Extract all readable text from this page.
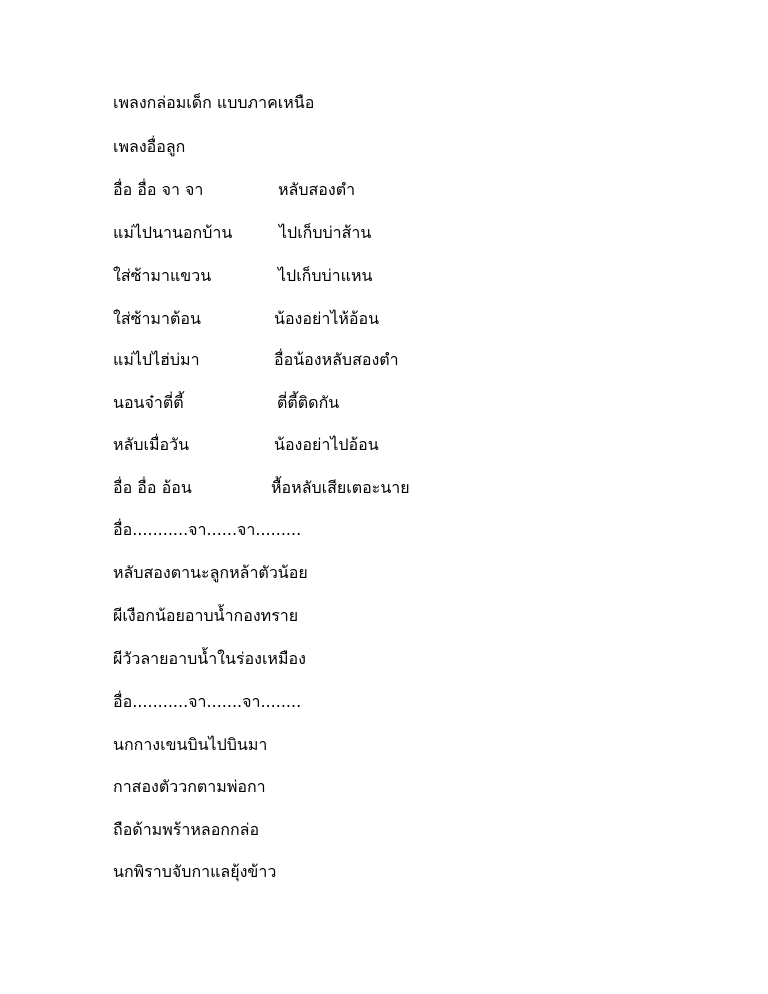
เพลงกล่อมเด็ก แบบภาคเหนือ
เพลงอื่อลูก
อื่อ อื่อ จา จา	หลับสองตำ
แม่ไปนานอกบ้าน	ไปเก็บบ่าส้าน
ใส่ซ้ามาแขวน	ไปเก็บบ่าแหน
ใส่ซ้ามาต้อน	น้องอย่าไห้อ้อน
แม่ไปไฮ่บ่มา	อื่อน้องหลับสองตำ
นอนจ๋าตี่ตี้	ตี่ตี้ติดกัน
หลับเมื่อวัน	น้องอย่าไปอ้อน
อื่อ อื่อ อ้อน	หื้อหลับเสียเตอะนาย
อื่อ...........จา......จา.........
หลับสองตานะลูกหล้าตัวน้อย
ผีเงือกน้อยอาบน้ำกองทราย
ผีวัวลายอาบน้ำในร่องเหมือง
อื่อ...........จา.......จา........
นกกางเขนบินไปบินมา
กาสองตัววกตามพ่อกา
ถือด้ามพร้าหลอกกล่อ
นกพิราบจับกาแลยุ้งข้าว
